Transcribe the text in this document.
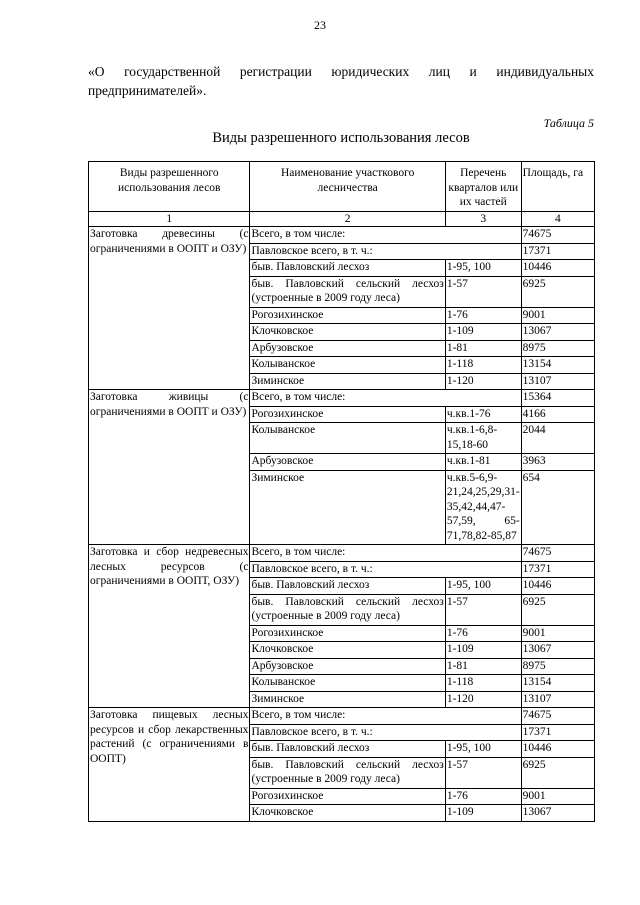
23
«О государственной регистрации юридических лиц и индивидуальных предпринимателей».
Таблица 5
Виды разрешенного использования лесов
Виды разрешенного использования лесов	Наименование участкового лесничества	Перечень кварталов или их частей	Площадь, га
1	2	3	4
Заготовка древесины (с ограничениями в ООПТ и ОЗУ)	Всего, в том числе:		74675
	Павловское всего, в т. ч.:		17371
	быв. Павловский лесхоз	1-95, 100	10446
	быв. Павловский сельский лесхоз (устроенные в 2009 году леса)	1-57	6925
	Рогозихинское	1-76	9001
	Клочковское	1-109	13067
	Арбузовское	1-81	8975
	Колыванское	1-118	13154
	Зиминское	1-120	13107
Заготовка живицы (с ограничениями в ООПТ и ОЗУ)	Всего, в том числе:		15364
	Рогозихинское	ч.кв.1-76	4166
	Колыванское	ч.кв.1-6,8-15,18-60	2044
	Арбузовское	ч.кв.1-81	3963
	Зиминское	ч.кв.5-6,9-21,24,25,29,31-35,42,44,47-57,59, 65-71,78,82-85,87	654
Заготовка и сбор недревесных лесных ресурсов (с ограничениями в ООПТ, ОЗУ)	Всего, в том числе:		74675
	Павловское всего, в т. ч.:		17371
	быв. Павловский лесхоз	1-95, 100	10446
	быв. Павловский сельский лесхоз (устроенные в 2009 году леса)	1-57	6925
	Рогозихинское	1-76	9001
	Клочковское	1-109	13067
	Арбузовское	1-81	8975
	Колыванское	1-118	13154
	Зиминское	1-120	13107
Заготовка пищевых лесных ресурсов и сбор лекарственных растений (с ограничениями в ООПТ)	Всего, в том числе:		74675
	Павловское всего, в т. ч.:		17371
	быв. Павловский лесхоз	1-95, 100	10446
	быв. Павловский сельский лесхоз (устроенные в 2009 году леса)	1-57	6925
	Рогозихинское	1-76	9001
	Клочковское	1-109	13067
